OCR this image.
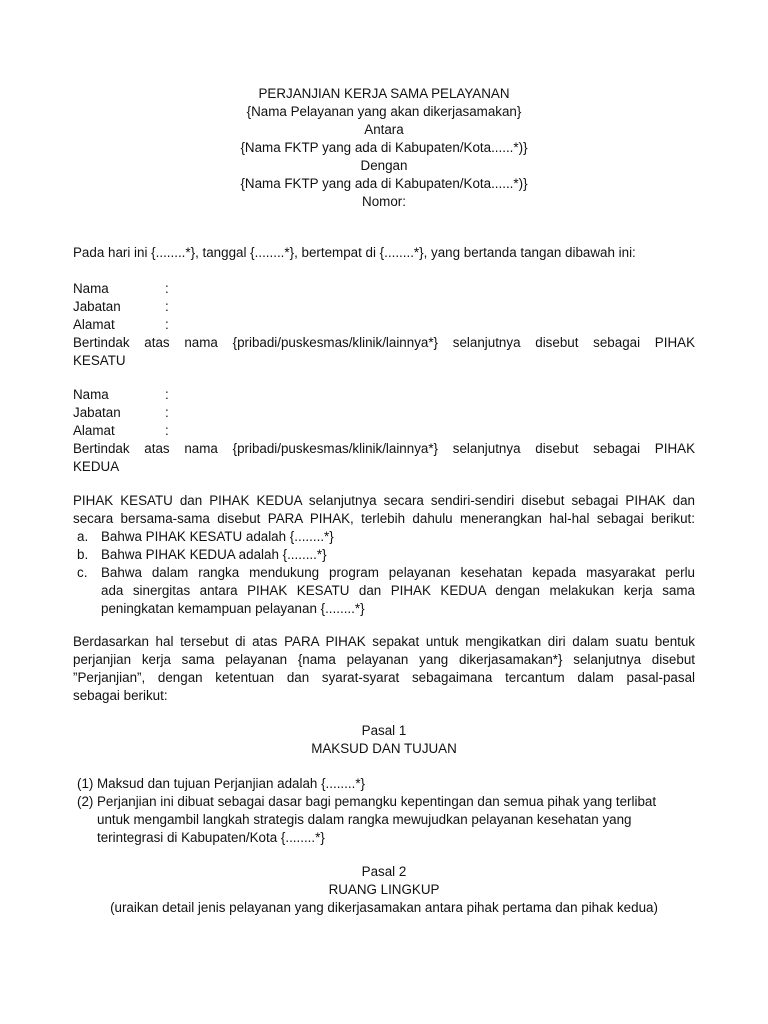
PERJANJIAN KERJA SAMA PELAYANAN
{Nama Pelayanan yang akan dikerjasamakan}
Antara
{Nama FKTP yang ada di Kabupaten/Kota......*)}
Dengan
{Nama FKTP yang ada di Kabupaten/Kota......*)}
Nomor:
Pada hari ini {........*}, tanggal {........*}, bertempat di {........*}, yang bertanda tangan dibawah ini:
Nama	:
Jabatan	:
Alamat	:
Bertindak atas nama {pribadi/puskesmas/klinik/lainnya*} selanjutnya disebut sebagai PIHAK
KESATU
Nama	:
Jabatan	:
Alamat	:
Bertindak atas nama {pribadi/puskesmas/klinik/lainnya*} selanjutnya disebut sebagai PIHAK
KEDUA
PIHAK KESATU dan PIHAK KEDUA selanjutnya secara sendiri-sendiri disebut sebagai PIHAK dan
secara bersama-sama disebut PARA PIHAK, terlebih dahulu menerangkan hal-hal sebagai berikut:
a. Bahwa PIHAK KESATU adalah {........*}
b. Bahwa PIHAK KEDUA adalah {........*}
c. Bahwa dalam rangka mendukung program pelayanan kesehatan kepada masyarakat perlu
ada sinergitas antara PIHAK KESATU dan PIHAK KEDUA dengan melakukan kerja sama
peningkatan kemampuan pelayanan {........*}
Berdasarkan hal tersebut di atas PARA PIHAK sepakat untuk mengikatkan diri dalam suatu bentuk
perjanjian kerja sama pelayanan {nama pelayanan yang dikerjasamakan*} selanjutnya disebut
”Perjanjian”, dengan ketentuan dan syarat-syarat sebagaimana tercantum dalam pasal-pasal
sebagai berikut:
Pasal 1
MAKSUD DAN TUJUAN
(1) Maksud dan tujuan Perjanjian adalah {........*}
(2) Perjanjian ini dibuat sebagai dasar bagi pemangku kepentingan dan semua pihak yang terlibat
untuk mengambil langkah strategis dalam rangka mewujudkan pelayanan kesehatan yang
terintegrasi di Kabupaten/Kota {........*}
Pasal 2
RUANG LINGKUP
(uraikan detail jenis pelayanan yang dikerjasamakan antara pihak pertama dan pihak kedua)
